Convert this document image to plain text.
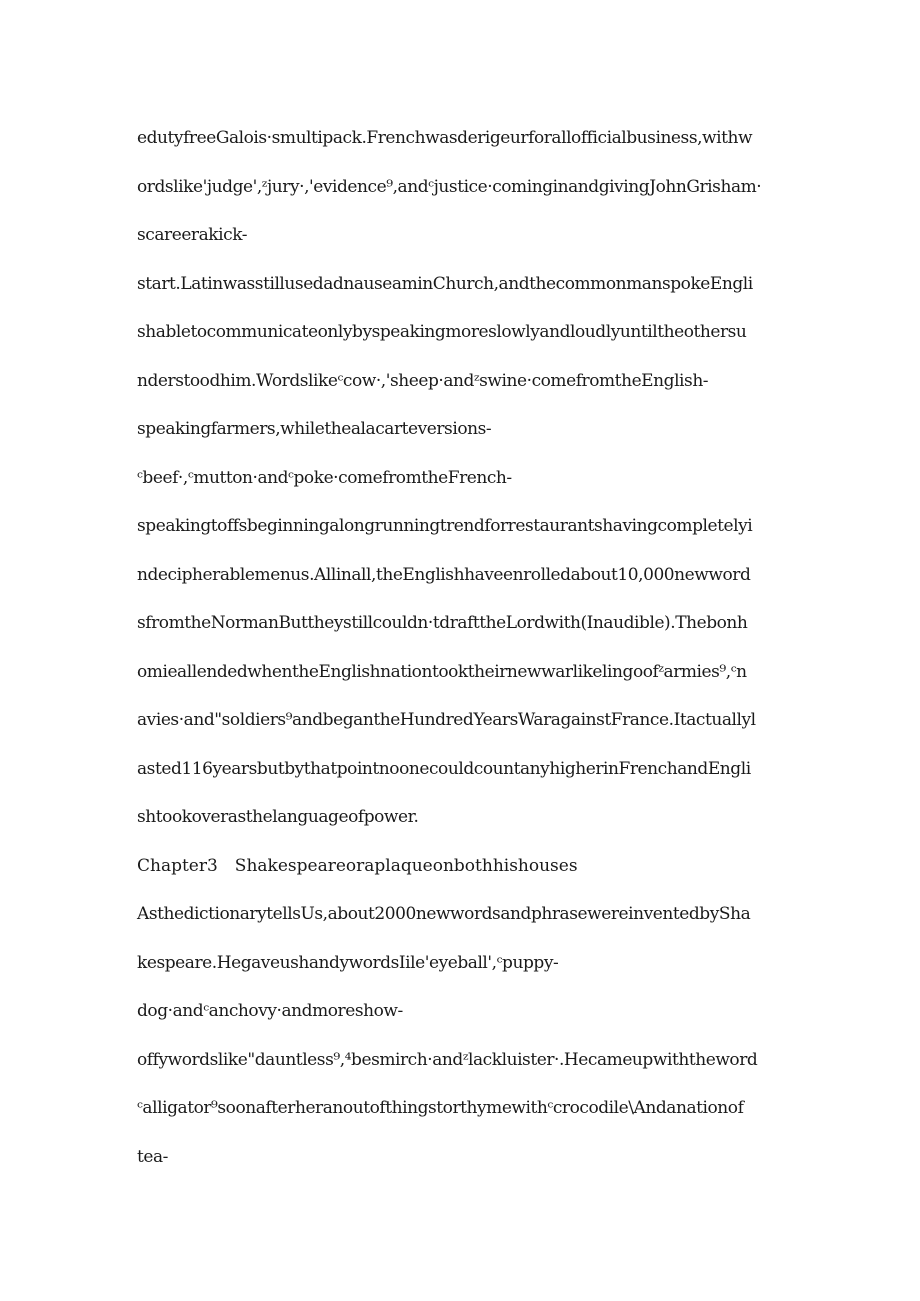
edutyfreeGalois·smultipack.Frenchwasderigeurforallofficialbusiness,withw
ordslike'judge',ᶻjury·,'evidence⁹,andᶜjustice·cominginandgivingJohnGrisham·
scareerakick-
start.LatinwasstillusedadnauseaminChurch,andthecommonmanspokeEngli
shabletocommunicateonlybyspeakingmoreslowlyandloudlyuntiltheothersu
nderstoodhim.Wordslikeᶜcow·,'sheep·andᶻswine·comefromtheEnglish-
speakingfarmers,whilethealacarteversions-
ᶜbeef·,ᶜmutton·andᶜpoke·comefromtheFrench-
speakingtoffsbeginningalongrunningtrendforrestaurantshavingcompletelyi
ndecipherablemenus.Allinall,theEnglishhaveenrolledabout10,000newword
sfromtheNormanButtheystillcouldn·tdrafttheLordwith(Inaudible).Thebonh
omieallendedwhentheEnglishnationtooktheirnewwarlikelingoofᶻarmies⁹,ᶜn
avies·and"soldiers⁹andbegantheHundredYearsWaragainstFrance.Itactuallyl
asted116yearsbutbythatpointnoonecouldcountanyhigherinFrenchandEngli
shtookoverasthelanguageofpower.
Chapter3　Shakespeareoraplaqueonbothhishouses
AsthedictionarytellsUs,about2000newwordsandphrasewereinventedbySha
kespeare.HegaveushandywordsIile'eyeball',ᶜpuppy-
dog·andᶜanchovy·andmoreshow-
offywordslike"dauntless⁹,⁴besmirch·andᶻlackluister·.Hecameupwiththeword
ᶜalligator⁹soonafterheranoutofthingstorthymewithᶜcrocodile\Andanationof
tea-
